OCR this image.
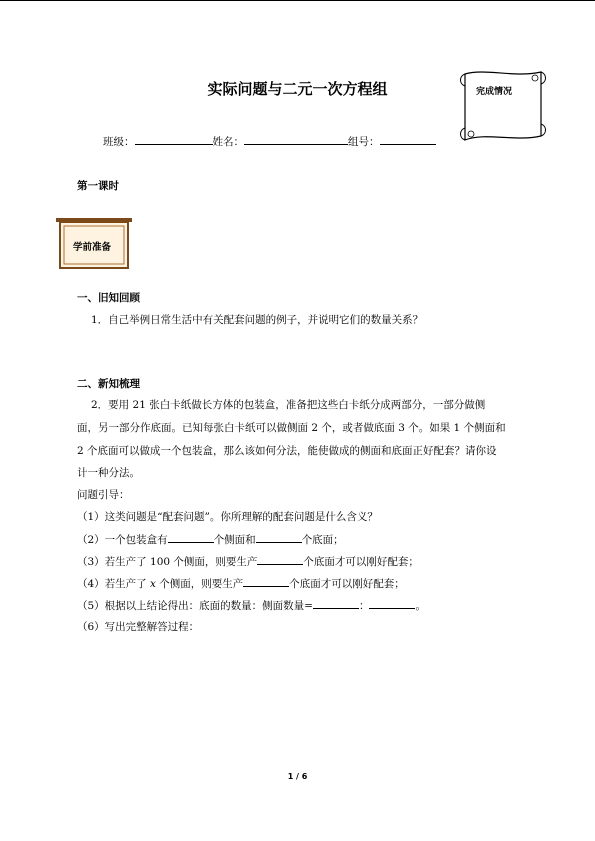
实际问题与二元一次方程组	完成情况
班级：	姓名：	组号：
第一课时
学前准备
一、旧知回顾
1．自己举例日常生活中有关配套问题的例子，并说明它们的数量关系？
二、新知梳理
2．要用 21 张白卡纸做长方体的包装盒，准备把这些白卡纸分成两部分，一部分做侧
面，另一部分作底面。已知每张白卡纸可以做侧面 2 个，或者做底面 3 个。如果 1 个侧面和
2 个底面可以做成一个包装盒，那么该如何分法，能使做成的侧面和底面正好配套？请你设
计一种分法。
问题引导：
（1）这类问题是“配套问题”。你所理解的配套问题是什么含义？
（2）一个包装盒有	个侧面和	个底面；
（3）若生产了 100 个侧面，则要生产	个底面才可以刚好配套；
（4）若生产了 x 个侧面，则要生产	个底面才可以刚好配套；
（5）根据以上结论得出：底面的数量：侧面数量=	：	。
（6）写出完整解答过程：
1 / 6
